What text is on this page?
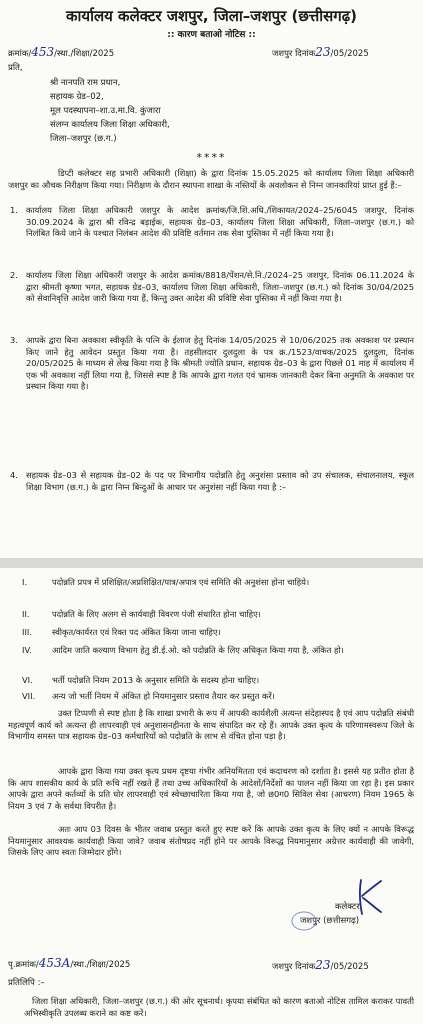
कार्यालय कलेक्टर जशपुर, जिला–जशपुर (छत्तीसगढ़)
:: कारण बताओ नोटिस ::
क्रमांक/453/स्था./शिक्षा/2025	जशपुर दिनांक23/05/2025
प्रति,
श्री नानपति राम प्रधान,
सहायक ग्रेड–02,
मूल पदस्थापना–शा.उ.मा.वि. कुंजारा
संलग्न कार्यालय जिला शिक्षा अधिकारी,
जिला–जशपुर (छ.ग.)
****
डिप्टी कलेक्टर सह प्रभारी अधिकारी (शिक्षा) के द्वारा दिनांक 15.05.2025 को कार्यालय जिला शिक्षा अधिकारी जशपुर का औचक निरीक्षण किया गया। निरीक्षण के दौरान स्थापना शाखा के नस्तियों के अवलोकन से निम्न जानकारियां प्राप्त हुई हैं:–
1. कार्यालय जिला शिक्षा अधिकारी जशपुर के आदेश क्रमांक/जि.शि.अधि./शिकायत/2024–25/6045 जशपुर, दिनांक 30.09.2024 के द्वारा श्री रविन्द्र बड़ाईक, सहायक ग्रेड–03, कार्यालय जिला शिक्षा अधिकारी, जिला–जशपुर (छ.ग.) को निलंबित किये जाने के पश्चात निलंबन आदेश की प्रविष्टि वर्तमान तक सेवा पुस्तिका में नहीं किया गया है।
2. कार्यालय जिला शिक्षा अधिकारी जशपुर के आदेश क्रमांक/8818/पेंशन/से.नि./2024–25 जशपुर, दिनांक 06.11.2024 के द्वारा श्रीमती कृष्णा भगत, सहायक ग्रेड–03, कार्यालय जिला शिक्षा अधिकारी, जिला–जशपुर (छ.ग.) को दिनांक 30/04/2025 को सेवानिवृत्ति आदेश जारी किया गया हैं, किन्तु उक्त आदेश की प्रविष्टि सेवा पुस्तिका में नहीं किया गया है।
3. आपके द्वारा बिना अवकाश स्वीकृति के पत्नि के ईलाज हेतु दिनांक 14/05/2025 से 10/06/2025 तक अवकाश पर प्रस्थान किए जाने हेतु आवेदन प्रस्तुत किया गया है। तहसीलदार दुलदुला के पत्र क्र./1523/वाचक/2025 दुलदुला, दिनांक 20/05/2025 के माध्यम से लेख किया गया है कि श्रीमती ज्योति प्रधान, सहायक ग्रेड–03 के द्वारा पिछले 01 माह में कार्यालय में एक भी अवकाश नहीं लिया गया है, जिससे स्पष्ट है कि आपके द्वारा गलत एवं भ्रामक जानकारी देकर बिना अनुमति के अवकाश पर प्रस्थान किया गया है।
4. सहायक ग्रेड–03 से सहायक ग्रेड–02 के पद पर विभागीय पदोन्नति हेतु अनुशंसा प्रस्ताव को उप संचालक, संचालनालय, स्कूल शिक्षा विभाग (छ.ग.) के द्वारा निम्न बिन्दुओं के आधार पर अनुशंसा नहीं किया गया है :–
I.	पदोन्नति प्रपत्र में प्रशिक्षित/अप्रशिक्षित/पात्र/अपात्र एवं समिति की अनुशंसा होना चाहिये।
II.	पदोन्नति के लिए अलग से कार्यवाही विवरण पंजी संधारित होना चाहिए।
III. स्वीकृत/कार्यरत एवं रिक्त पद अंकित किया जाना चाहिए।
IV. आदिम जाति कल्याण विभाग हेतु डी.ई.ओ. को पदोन्नति के लिए अधिकृत किया गया है, अंकित हो।
VI. भर्ती पदोन्नति नियम 2013 के अनुसार समिति के सदस्य होना चाहिए।
VII. अन्य जो भर्ती नियम में अंकित हो नियमानुसार प्रस्ताव तैयार कर प्रस्तुत करें।
उक्त टिप्पणी से स्पष्ट होता है कि शाखा प्रभारी के रूप में आपकी कार्यशैली अत्यन्त संदेहास्पद है एवं आप पदोन्नति संबंधी महत्वपूर्ण कार्य को अत्यन्त ही लापरवाही एवं अनुशासनहीनता के साथ संपादित कर रहे हैं। आपके उक्त कृत्य के परिणामस्वरूप जिले के विभागीय समस्त पात्र सहायक ग्रेड–03 कर्मचारियों को पदोन्नति के लाभ से वंचित होना पड़ा है।
आपके द्वारा किया गया उक्त कृत्य प्रथम दृष्टया गंभीर अनियमितता एवं कदाचरण को दर्शाता है। इससे यह प्रतीत होता है कि आप शासकीय कार्य के प्रति रूचि नहीं रखते हैं तथा उच्च अधिकारियों के आदेशों/निर्देशों का पालन नहीं किया जा रहा है। इस प्रकार आपके द्वारा अपने कर्तव्यों के प्रति घोर लापरवाही एवं स्वेच्छाचारिता किया गया है, जो छ0ग0 सिविल सेवा (आचरण) नियम 1965 के नियम 3 एवं 7 के सर्वथा विपरीत है।
अतः आप 03 दिवस के भीतर जवाब प्रस्तुत करते हुए स्पष्ट करें कि आपके उक्त कृत्य के लिए क्यों न आपके विरूद्ध नियमानुसार आवश्यक कार्यवाही किया जावे? जवाब संतोषप्रद नहीं होने पर आपके विरूद्ध नियमानुसार अग्रेत्तर कार्यवाही की जावेगी, जिसके लिए आप स्वतः जिम्मेदार होंगे।
कलेक्टर
जशपुर (छत्तीसगढ़)
पृ.क्रमांक/453A/स्था./शिक्षा/2025	जशपुर दिनांक23/05/2025
प्रतिलिपि :–
जिला शिक्षा अधिकारी, जिला–जशपुर (छ.ग.) की ओर सूचनार्थ। कृपया संबंधित को कारण बताओ नोटिस तामिल कराकर पावती अभिस्वीकृति उपलब्ध कराने का कष्ट करें।
